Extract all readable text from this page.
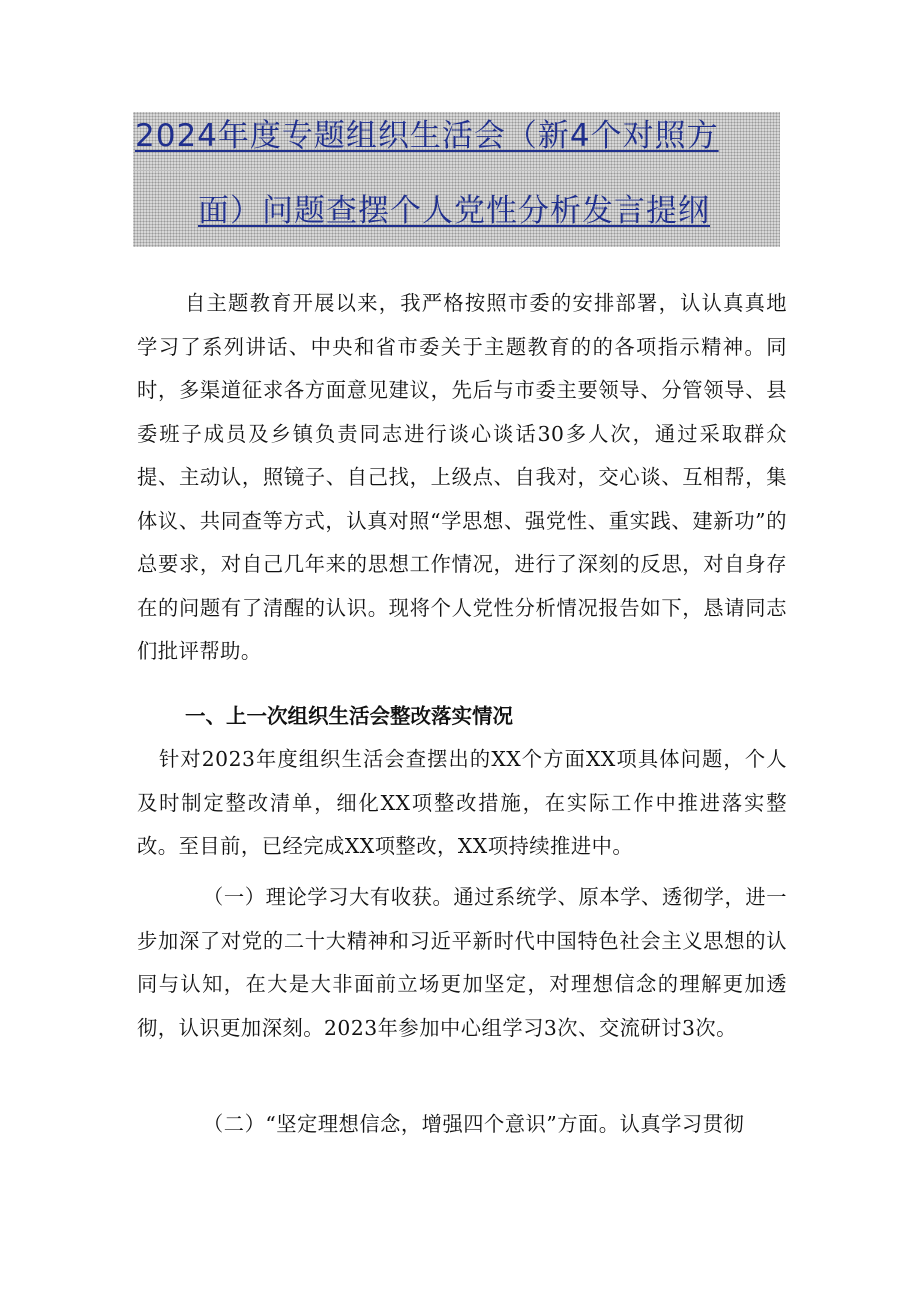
2024年度专题组织生活会（新4个对照方
面）问题查摆个人党性分析发言提纲

自主题教育开展以来，我严格按照市委的安排部署，认认真真地学习了系列讲话、中央和省市委关于主题教育的的各项指示精神。同时，多渠道征求各方面意见建议，先后与市委主要领导、分管领导、县委班子成员及乡镇负责同志进行谈心谈话30多人次，通过采取群众提、主动认，照镜子、自己找，上级点、自我对，交心谈、互相帮，集体议、共同查等方式，认真对照“学思想、强党性、重实践、建新功”的总要求，对自己几年来的思想工作情况，进行了深刻的反思，对自身存在的问题有了清醒的认识。现将个人党性分析情况报告如下，恳请同志们批评帮助。

一、上一次组织生活会整改落实情况

针对2023年度组织生活会查摆出的XX个方面XX项具体问题，个人及时制定整改清单，细化XX项整改措施，在实际工作中推进落实整改。至目前，已经完成XX项整改，XX项持续推进中。

（一）理论学习大有收获。通过系统学、原本学、透彻学，进一步加深了对党的二十大精神和习近平新时代中国特色社会主义思想的认同与认知，在大是大非面前立场更加坚定，对理想信念的理解更加透彻，认识更加深刻。2023年参加中心组学习3次、交流研讨3次。

（二）“坚定理想信念，增强四个意识”方面。认真学习贯彻
